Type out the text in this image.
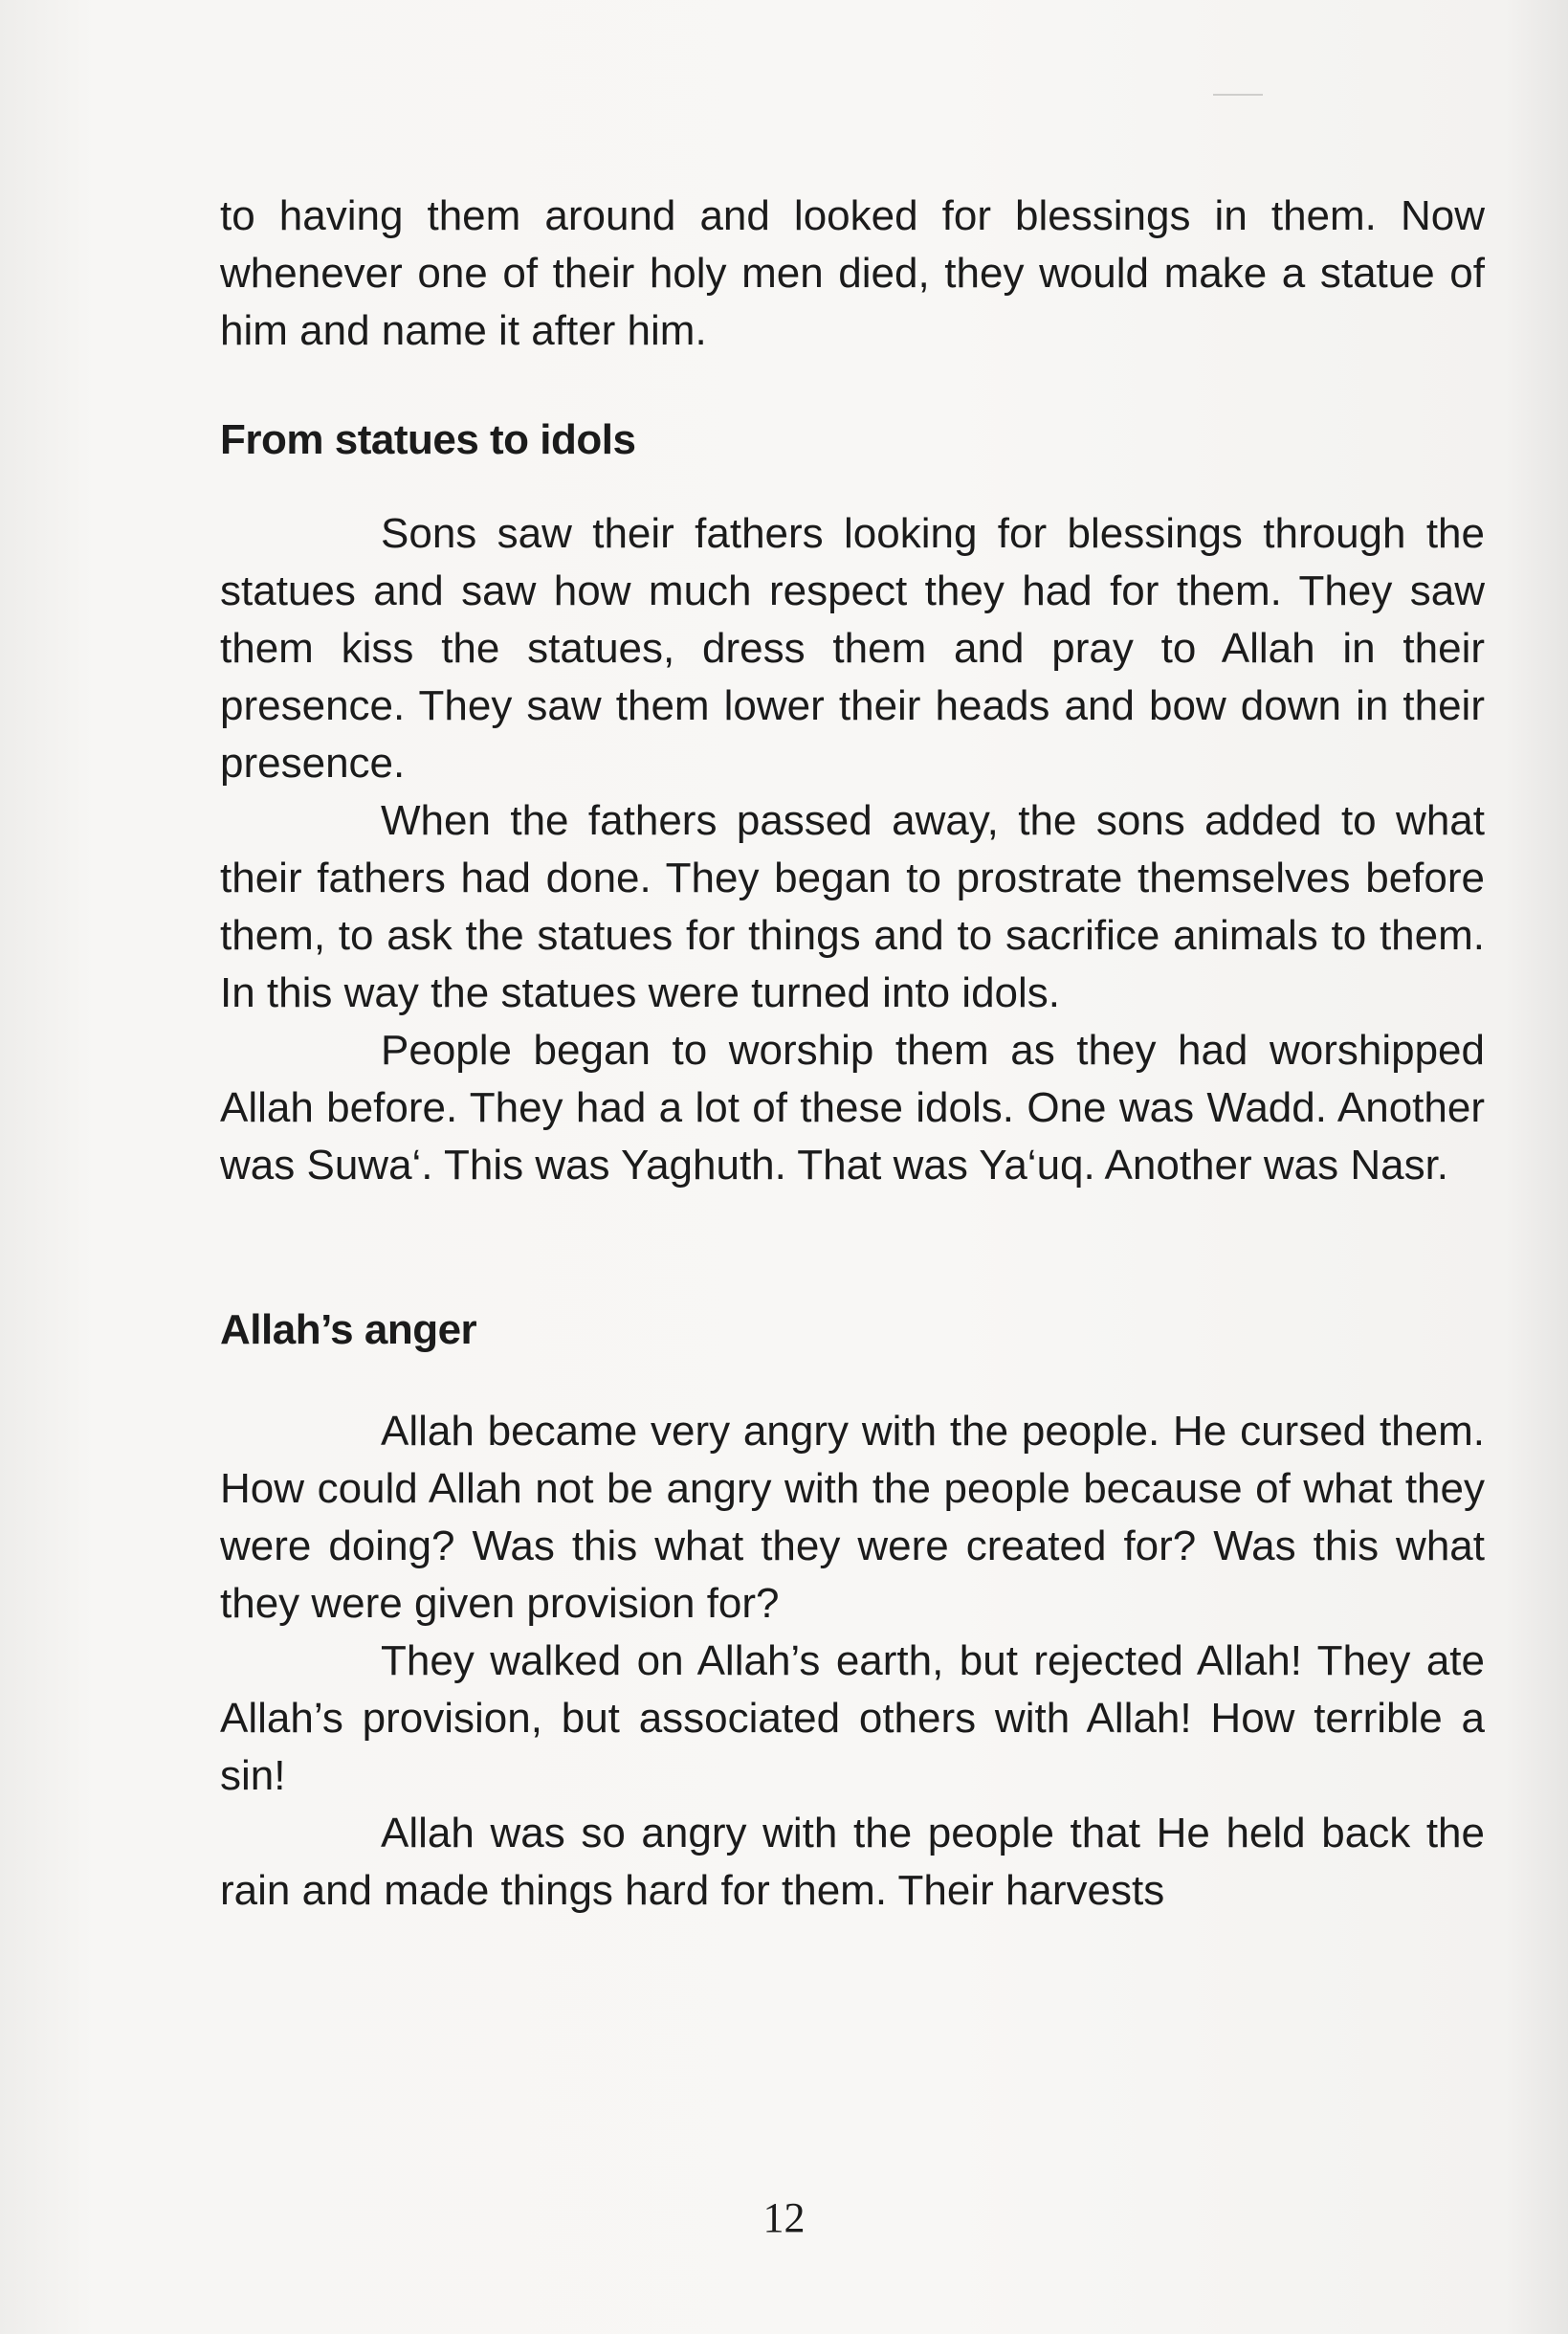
to having them around and looked for blessings in them. Now whenever one of their holy men died, they would make a statue of him and name it after him.

From statues to idols

Sons saw their fathers looking for blessings through the statues and saw how much respect they had for them. They saw them kiss the statues, dress them and pray to Allah in their presence. They saw them lower their heads and bow down in their presence.

When the fathers passed away, the sons added to what their fathers had done. They began to prostrate themselves before them, to ask the statues for things and to sacrifice animals to them. In this way the statues were turned into idols.

People began to worship them as they had worshipped Allah before. They had a lot of these idols. One was Wadd. Another was Suwa‘. This was Yaghuth. That was Ya‘uq. Another was Nasr.

Allah’s anger

Allah became very angry with the people. He cursed them. How could Allah not be angry with the people because of what they were doing? Was this what they were created for? Was this what they were given provision for?

They walked on Allah’s earth, but rejected Allah! They ate Allah’s provision, but associated others with Allah! How terrible a sin!

Allah was so angry with the people that He held back the rain and made things hard for them. Their harvests

12
